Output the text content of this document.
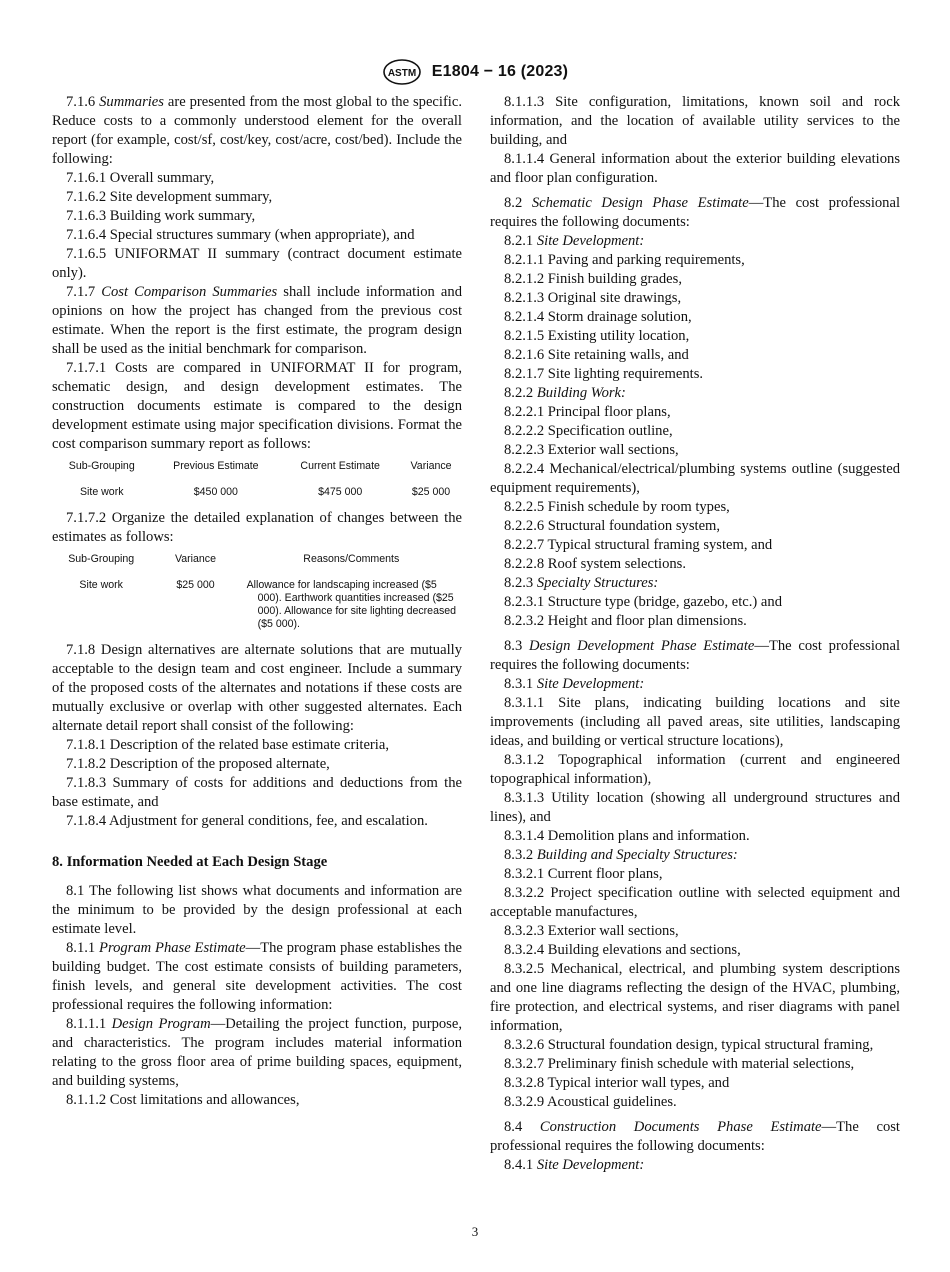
ASTM E1804 − 16 (2023)

7.1.6 Summaries are presented from the most global to the specific. Reduce costs to a commonly understood element for the overall report (for example, cost/sf, cost/key, cost/acre, cost/bed). Include the following:

7.1.6.1 Overall summary,

7.1.6.2 Site development summary,

7.1.6.3 Building work summary,

7.1.6.4 Special structures summary (when appropriate), and

7.1.6.5 UNIFORMAT II summary (contract document estimate only).

7.1.7 Cost Comparison Summaries shall include information and opinions on how the project has changed from the previous cost estimate. When the report is the first estimate, the program design shall be used as the initial benchmark for comparison.

7.1.7.1 Costs are compared in UNIFORMAT II for program, schematic design, and design development estimates. The construction documents estimate is compared to the design development estimate using major specification divisions. Format the cost comparison summary report as follows:

Sub-Grouping	Previous Estimate	Current Estimate	Variance
Site work	$450 000	$475 000	$25 000

7.1.7.2 Organize the detailed explanation of changes between the estimates as follows:

Sub-Grouping	Variance	Reasons/Comments
Site work	$25 000	Allowance for landscaping increased ($5 000). Earthwork quantities increased ($25 000). Allowance for site lighting decreased ($5 000).

7.1.8 Design alternatives are alternate solutions that are mutually acceptable to the design team and cost engineer. Include a summary of the proposed costs of the alternates and notations if these costs are mutually exclusive or overlap with other suggested alternates. Each alternate detail report shall consist of the following:

7.1.8.1 Description of the related base estimate criteria,

7.1.8.2 Description of the proposed alternate,

7.1.8.3 Summary of costs for additions and deductions from the base estimate, and

7.1.8.4 Adjustment for general conditions, fee, and escalation.

8. Information Needed at Each Design Stage

8.1 The following list shows what documents and information are the minimum to be provided by the design professional at each estimate level.

8.1.1 Program Phase Estimate—The program phase establishes the building budget. The cost estimate consists of building parameters, finish levels, and general site development activities. The cost professional requires the following information:

8.1.1.1 Design Program—Detailing the project function, purpose, and characteristics. The program includes material information relating to the gross floor area of prime building spaces, equipment, and building systems,

8.1.1.2 Cost limitations and allowances,

8.1.1.3 Site configuration, limitations, known soil and rock information, and the location of available utility services to the building, and

8.1.1.4 General information about the exterior building elevations and floor plan configuration.

8.2 Schematic Design Phase Estimate—The cost professional requires the following documents:

8.2.1 Site Development:

8.2.1.1 Paving and parking requirements,

8.2.1.2 Finish building grades,

8.2.1.3 Original site drawings,

8.2.1.4 Storm drainage solution,

8.2.1.5 Existing utility location,

8.2.1.6 Site retaining walls, and

8.2.1.7 Site lighting requirements.

8.2.2 Building Work:

8.2.2.1 Principal floor plans,

8.2.2.2 Specification outline,

8.2.2.3 Exterior wall sections,

8.2.2.4 Mechanical/electrical/plumbing systems outline (suggested equipment requirements),

8.2.2.5 Finish schedule by room types,

8.2.2.6 Structural foundation system,

8.2.2.7 Typical structural framing system, and

8.2.2.8 Roof system selections.

8.2.3 Specialty Structures:

8.2.3.1 Structure type (bridge, gazebo, etc.) and

8.2.3.2 Height and floor plan dimensions.

8.3 Design Development Phase Estimate—The cost professional requires the following documents:

8.3.1 Site Development:

8.3.1.1 Site plans, indicating building locations and site improvements (including all paved areas, site utilities, landscaping ideas, and building or vertical structure locations),

8.3.1.2 Topographical information (current and engineered topographical information),

8.3.1.3 Utility location (showing all underground structures and lines), and

8.3.1.4 Demolition plans and information.

8.3.2 Building and Specialty Structures:

8.3.2.1 Current floor plans,

8.3.2.2 Project specification outline with selected equipment and acceptable manufactures,

8.3.2.3 Exterior wall sections,

8.3.2.4 Building elevations and sections,

8.3.2.5 Mechanical, electrical, and plumbing system descriptions and one line diagrams reflecting the design of the HVAC, plumbing, fire protection, and electrical systems, and riser diagrams with panel information,

8.3.2.6 Structural foundation design, typical structural framing,

8.3.2.7 Preliminary finish schedule with material selections,

8.3.2.8 Typical interior wall types, and

8.3.2.9 Acoustical guidelines.

8.4 Construction Documents Phase Estimate—The cost professional requires the following documents:

8.4.1 Site Development:

3
